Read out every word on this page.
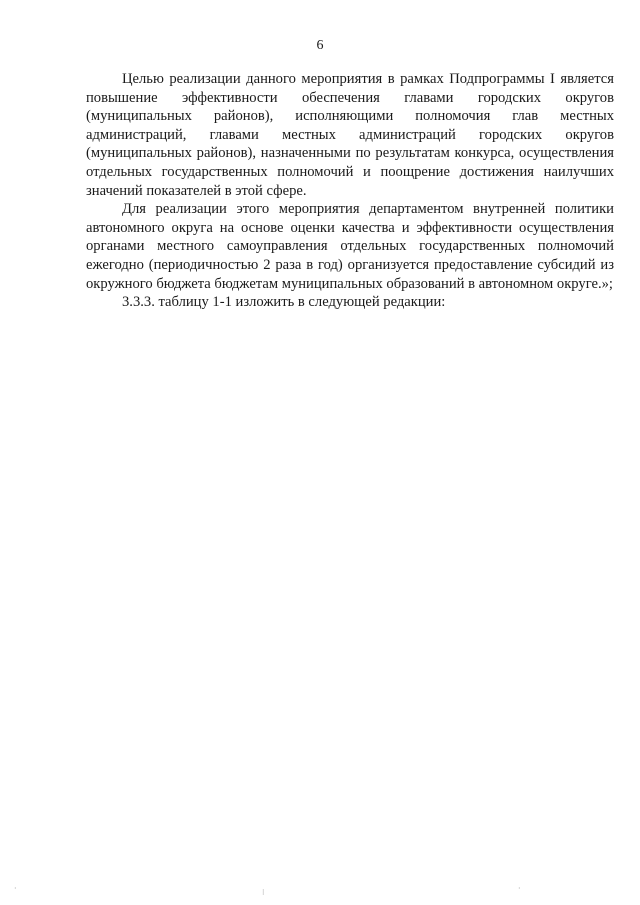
6

Целью реализации данного мероприятия в рамках Подпрограммы I является повышение эффективности обеспечения главами городских округов (муниципальных районов), исполняющими полномочия глав местных администраций, главами местных администраций городских округов (муниципальных районов), назначенными по результатам конкурса, осуществления отдельных государственных полномочий и поощрение достижения наилучших значений показателей в этой сфере.

Для реализации этого мероприятия департаментом внутренней политики автономного округа на основе оценки качества и эффективности осуществления органами местного самоуправления отдельных государственных полномочий ежегодно (периодичностью 2 раза в год) организуется предоставление субсидий из окружного бюджета бюджетам муниципальных образований в автономном округе.»;

3.3.3. таблицу 1-1 изложить в следующей редакции:

·	⁝	·
